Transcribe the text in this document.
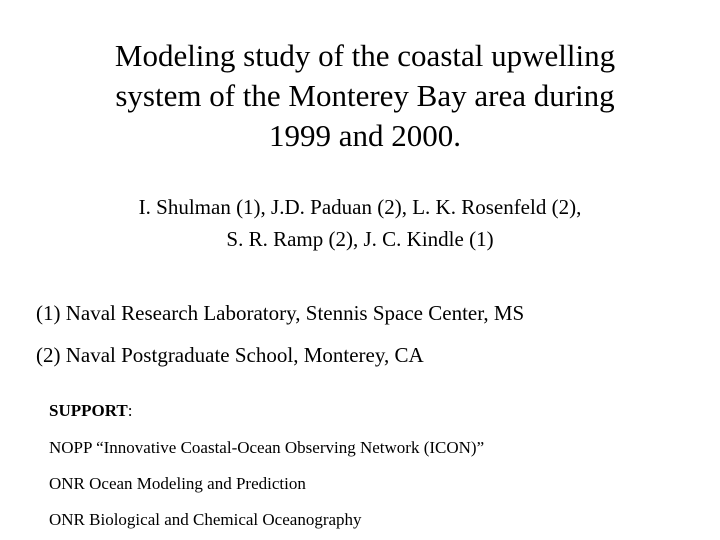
Modeling study of the coastal upwelling
system of the Monterey Bay area during
1999 and 2000.
I. Shulman (1), J.D. Paduan (2), L. K. Rosenfeld (2),
S. R. Ramp (2), J. C. Kindle (1)
(1) Naval Research Laboratory, Stennis Space Center, MS
(2) Naval Postgraduate School, Monterey, CA
SUPPORT:
NOPP “Innovative Coastal-Ocean Observing Network (ICON)”
ONR Ocean Modeling and Prediction
ONR Biological and Chemical Oceanography
